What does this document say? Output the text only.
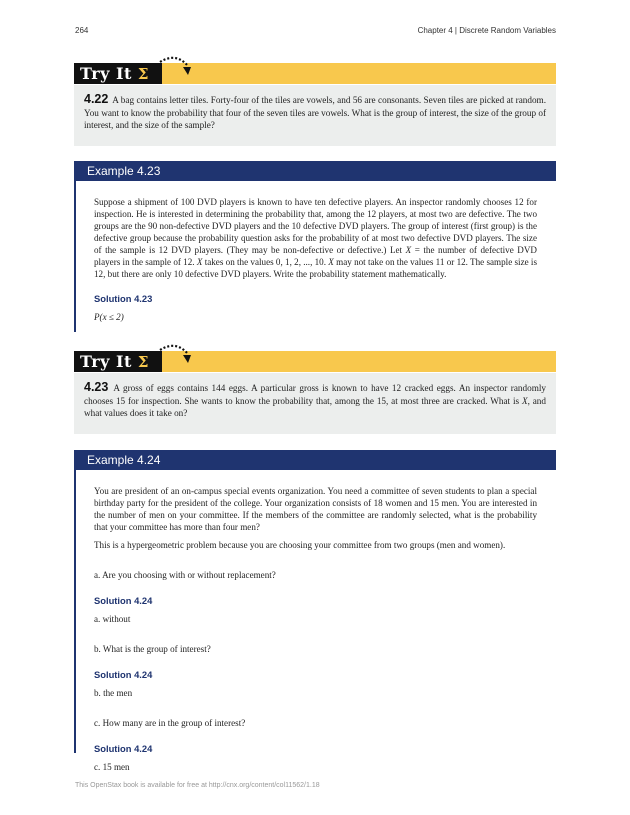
264	Chapter 4 | Discrete Random Variables
Try It Σ
4.22 A bag contains letter tiles. Forty-four of the tiles are vowels, and 56 are consonants. Seven tiles are picked at random. You want to know the probability that four of the seven tiles are vowels. What is the group of interest, the size of the group of interest, and the size of the sample?
Example 4.23

Suppose a shipment of 100 DVD players is known to have ten defective players. An inspector randomly chooses 12 for inspection. He is interested in determining the probability that, among the 12 players, at most two are defective. The two groups are the 90 non-defective DVD players and the 10 defective DVD players. The group of interest (first group) is the defective group because the probability question asks for the probability of at most two defective DVD players. The size of the sample is 12 DVD players. (They may be non-defective or defective.) Let X = the number of defective DVD players in the sample of 12. X takes on the values 0, 1, 2, ..., 10. X may not take on the values 11 or 12. The sample size is 12, but there are only 10 defective DVD players. Write the probability statement mathematically.

Solution 4.23

P(x ≤ 2)

Try It Σ
4.23 A gross of eggs contains 144 eggs. A particular gross is known to have 12 cracked eggs. An inspector randomly chooses 15 for inspection. She wants to know the probability that, among the 15, at most three are cracked. What is X, and what values does it take on?
Example 4.24

You are president of an on-campus special events organization. You need a committee of seven students to plan a special birthday party for the president of the college. Your organization consists of 18 women and 15 men. You are interested in the number of men on your committee. If the members of the committee are randomly selected, what is the probability that your committee has more than four men?

This is a hypergeometric problem because you are choosing your committee from two groups (men and women).

a. Are you choosing with or without replacement?

Solution 4.24

a. without

b. What is the group of interest?

Solution 4.24

b. the men

c. How many are in the group of interest?

Solution 4.24

c. 15 men

This OpenStax book is available for free at http://cnx.org/content/col11562/1.18
